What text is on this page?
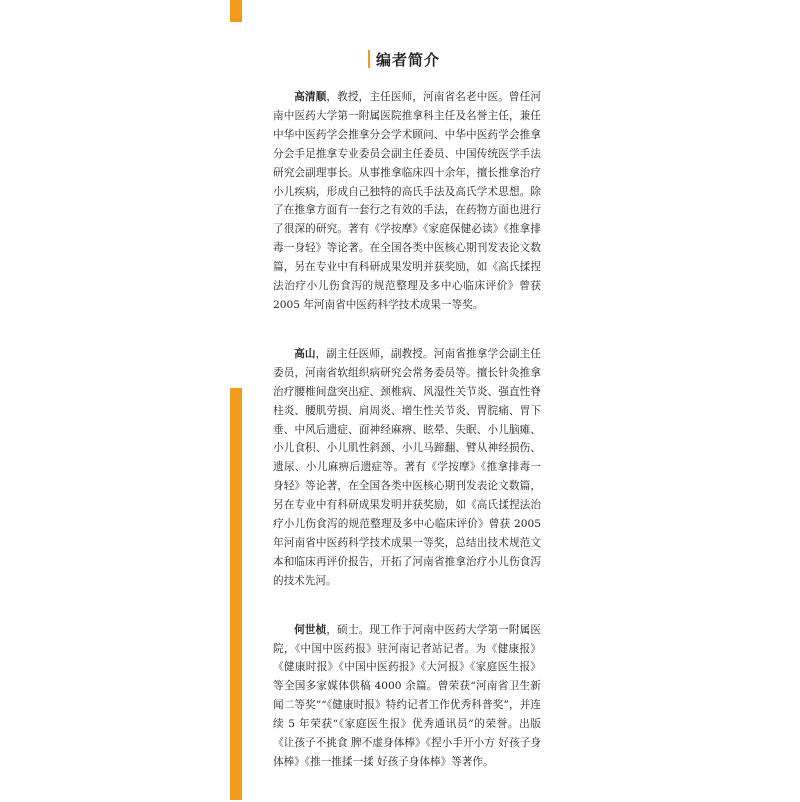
编者简介

高清顺，教授，主任医师，河南省名老中医。曾任河南中医药大学第一附属医院推拿科主任及名誉主任，兼任中华中医药学会推拿分会学术顾问、中华中医药学会推拿分会手足推拿专业委员会副主任委员、中国传统医学手法研究会副理事长。从事推拿临床四十余年，擅长推拿治疗小儿疾病，形成自己独特的高氏手法及高氏学术思想。除了在推拿方面有一套行之有效的手法，在药物方面也进行了很深的研究。著有《学按摩》《家庭保健必读》《推拿排毒一身轻》等论著。在全国各类中医核心期刊发表论文数篇，另在专业中有科研成果发明并获奖励，如《高氏揉捏法治疗小儿伤食泻的规范整理及多中心临床评价》曾获 2005 年河南省中医药科学技术成果一等奖。

高山，副主任医师，副教授。河南省推拿学会副主任委员，河南省软组织病研究会常务委员等。擅长针灸推拿治疗腰椎间盘突出症、颈椎病、风湿性关节炎、强直性脊柱炎、腰肌劳损、肩周炎、增生性关节炎、胃脘痛、胃下垂、中风后遗症、面神经麻痹、眩晕、失眠、小儿脑瘫、小儿食积、小儿肌性斜颈、小儿马蹄翻、臂从神经损伤、遗尿、小儿麻痹后遗症等。著有《学按摩》《推拿排毒一身轻》等论著，在全国各类中医核心期刊发表论文数篇，另在专业中有科研成果发明并获奖励，如《高氏揉捏法治疗小儿伤食泻的规范整理及多中心临床评价》曾获 2005 年河南省中医药科学技术成果一等奖，总结出技术规范文本和临床再评价报告，开拓了河南省推拿治疗小儿伤食泻的技术先河。

何世桢，硕士。现工作于河南中医药大学第一附属医院，《中国中医药报》驻河南记者站记者。为《健康报》《健康时报》《中国中医药报》《大河报》《家庭医生报》等全国多家媒体供稿 4000 余篇。曾荣获“河南省卫生新闻二等奖”“《健康时报》特约记者工作优秀科普奖”，并连续 5 年荣获“《家庭医生报》优秀通讯员”的荣誉。出版《让孩子不挑食 脾不虚身体棒》《捏小手开小方 好孩子身体棒》《推一推揉一揉 好孩子身体棒》等著作。
